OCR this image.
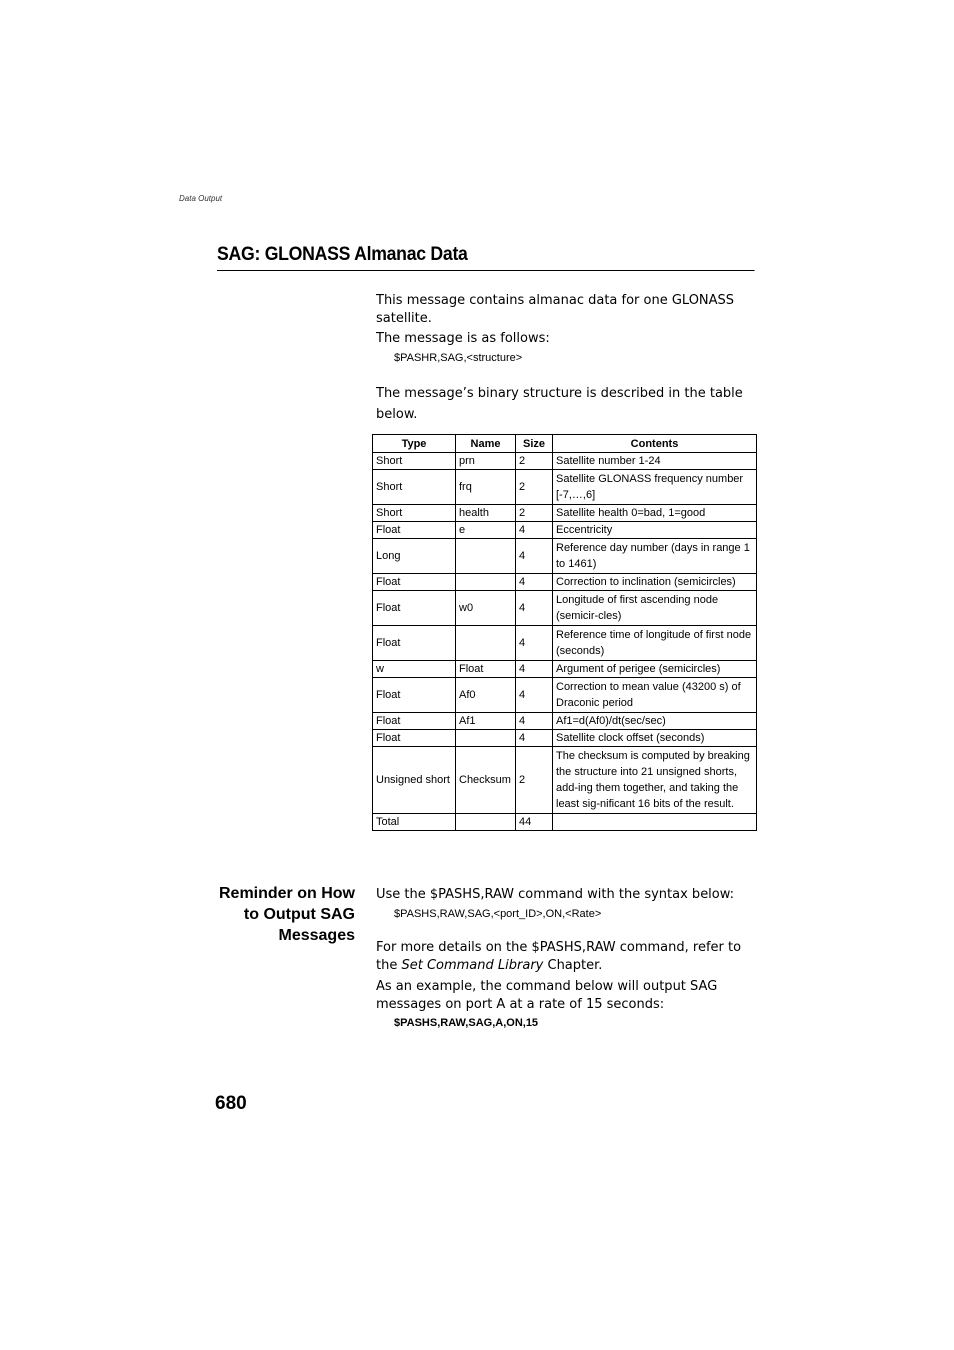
Data Output
SAG: GLONASS Almanac Data
This message contains almanac data for one GLONASS satellite.
The message is as follows:
$PASHR,SAG,<structure>
The message’s binary structure is described in the table below.
Type	Name	Size	Contents
Short	prn	2	Satellite number 1-24
Short	frq	2	Satellite GLONASS frequency number [-7,…,6]
Short	health	2	Satellite health 0=bad, 1=good
Float	e	4	Eccentricity
Long		4	Reference day number (days in range 1 to 1461)
Float		4	Correction to inclination (semicircles)
Float	w0	4	Longitude of first ascending node (semicir-cles)
Float		4	Reference time of longitude of first node (seconds)
w	Float	4	Argument of perigee (semicircles)
Float	Af0	4	Correction to mean value (43200 s) of Draconic period
Float	Af1	4	Af1=d(Af0)/dt(sec/sec)
Float		4	Satellite clock offset (seconds)
Unsigned short	Checksum	2	The checksum is computed by breaking the structure into 21 unsigned shorts, add-ing them together, and taking the least sig-nificant 16 bits of the result.
Total		44	
Reminder on How to Output SAG Messages
Use the $PASHS,RAW command with the syntax below:
$PASHS,RAW,SAG,<port_ID>,ON,<Rate>
For more details on the $PASHS,RAW command, refer to the Set Command Library Chapter.
As an example, the command below will output SAG messages on port A at a rate of 15 seconds:
$PASHS,RAW,SAG,A,ON,15
680
